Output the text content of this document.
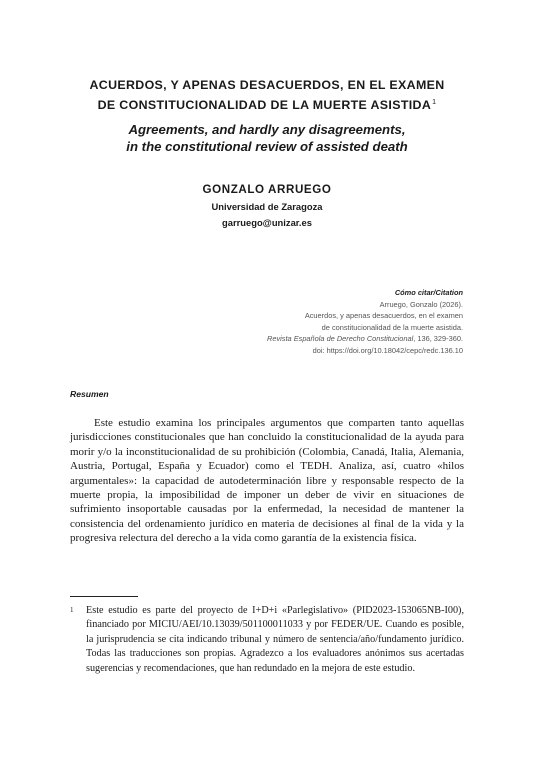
ACUERDOS, Y APENAS DESACUERDOS, EN EL EXAMEN
DE CONSTITUCIONALIDAD DE LA MUERTE ASISTIDA$^1$
Agreements, and hardly any disagreements,
in the constitutional review of assisted death
GONZALO ARRUEGO
Universidad de Zaragoza
garruego@unizar.es
Cómo citar/Citation
Arruego, Gonzalo (2026).
Acuerdos, y apenas desacuerdos, en el examen
de constitucionalidad de la muerte asistida.
Revista Española de Derecho Constitucional, 136, 329-360.
doi: https://doi.org/10.18042/cepc/redc.136.10
Resumen

Este estudio examina los principales argumentos que comparten tanto aquellas jurisdicciones constitucionales que han concluido la constitucionalidad de la ayuda para morir y/o la inconstitucionalidad de su prohibición (Colombia, Canadá, Italia, Alemania, Austria, Portugal, España y Ecuador) como el TEDH. Analiza, así, cuatro «hilos argumentales»: la capacidad de autodeterminación libre y responsable respecto de la muerte propia, la imposibilidad de imponer un deber de vivir en situaciones de sufrimiento insoportable causadas por la enfermedad, la necesidad de mantener la consistencia del ordenamiento jurídico en materia de decisiones al final de la vida y la progresiva relectura del derecho a la vida como garantía de la existencia física.

1 Este estudio es parte del proyecto de I+D+i «Parlegislativo» (PID2023-153065NB-I00), financiado por MICIU/AEI/10.13039/501100011033 y por FEDER/UE. Cuando es posible, la jurisprudencia se cita indicando tribunal y número de sentencia/año/fundamento jurídico. Todas las traducciones son propias. Agradezco a los evaluadores anónimos sus acertadas sugerencias y recomendaciones, que han redundado en la mejora de este estudio.
